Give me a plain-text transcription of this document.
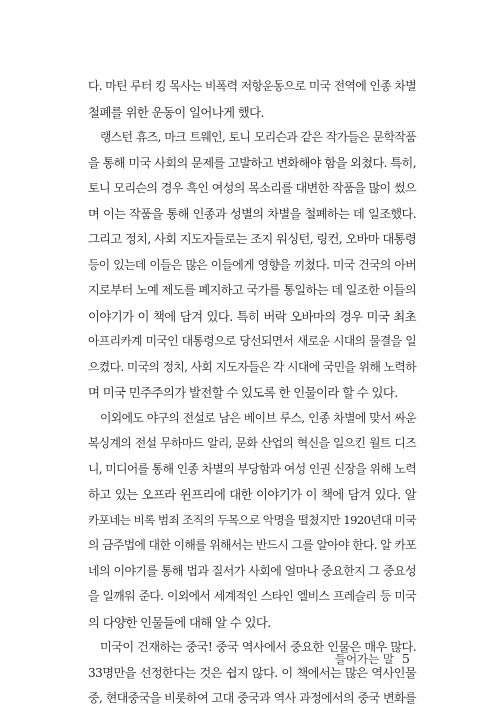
다. 마틴 루터 킹 목사는 비폭력 저항운동으로 미국 전역에 인종 차별
철폐를 위한 운동이 일어나게 했다.
랭스턴 휴즈, 마크 트웨인, 토니 모리슨과 같은 작가들은 문학작품
을 통해 미국 사회의 문제를 고발하고 변화해야 함을 외쳤다. 특히,
토니 모리슨의 경우 흑인 여성의 목소리를 대변한 작품을 많이 썼으
며 이는 작품을 통해 인종과 성별의 차별을 철폐하는 데 일조했다.
그리고 정치, 사회 지도자들로는 조지 워싱턴, 링컨, 오바마 대통령
등이 있는데 이들은 많은 이들에게 영향을 끼쳤다. 미국 건국의 아버
지로부터 노예 제도를 폐지하고 국가를 통일하는 데 일조한 이들의
이야기가 이 책에 담겨 있다. 특히 버락 오바마의 경우 미국 최초
아프리카계 미국인 대통령으로 당선되면서 새로운 시대의 물결을 일
으켰다. 미국의 정치, 사회 지도자들은 각 시대에 국민을 위해 노력하
며 미국 민주주의가 발전할 수 있도록 한 인물이라 할 수 있다.
이외에도 야구의 전설로 남은 베이브 루스, 인종 차별에 맞서 싸운
복싱계의 전설 무하마드 알리, 문화 산업의 혁신을 일으킨 월트 디즈
니, 미디어를 통해 인종 차별의 부당함과 여성 인권 신장을 위해 노력
하고 있는 오프라 윈프리에 대한 이야기가 이 책에 담겨 있다. 알
카포네는 비록 범죄 조직의 두목으로 악명을 떨쳤지만 1920년대 미국
의 금주법에 대한 이해를 위해서는 반드시 그를 알아야 한다. 알 카포
네의 이야기를 통해 법과 질서가 사회에 얼마나 중요한지 그 중요성
을 일깨워 준다. 이외에서 세계적인 스타인 엘비스 프레슬리 등 미국
의 다양한 인물들에 대해 알 수 있다.
미국이 건재하는 중국! 중국 역사에서 중요한 인물은 매우 많다.
33명만을 선정한다는 것은 쉽지 않다. 이 책에서는 많은 역사인물
중, 현대중국을 비롯하여 고대 중국과 역사 과정에서의 중국 변화를
들어가는 말 5
